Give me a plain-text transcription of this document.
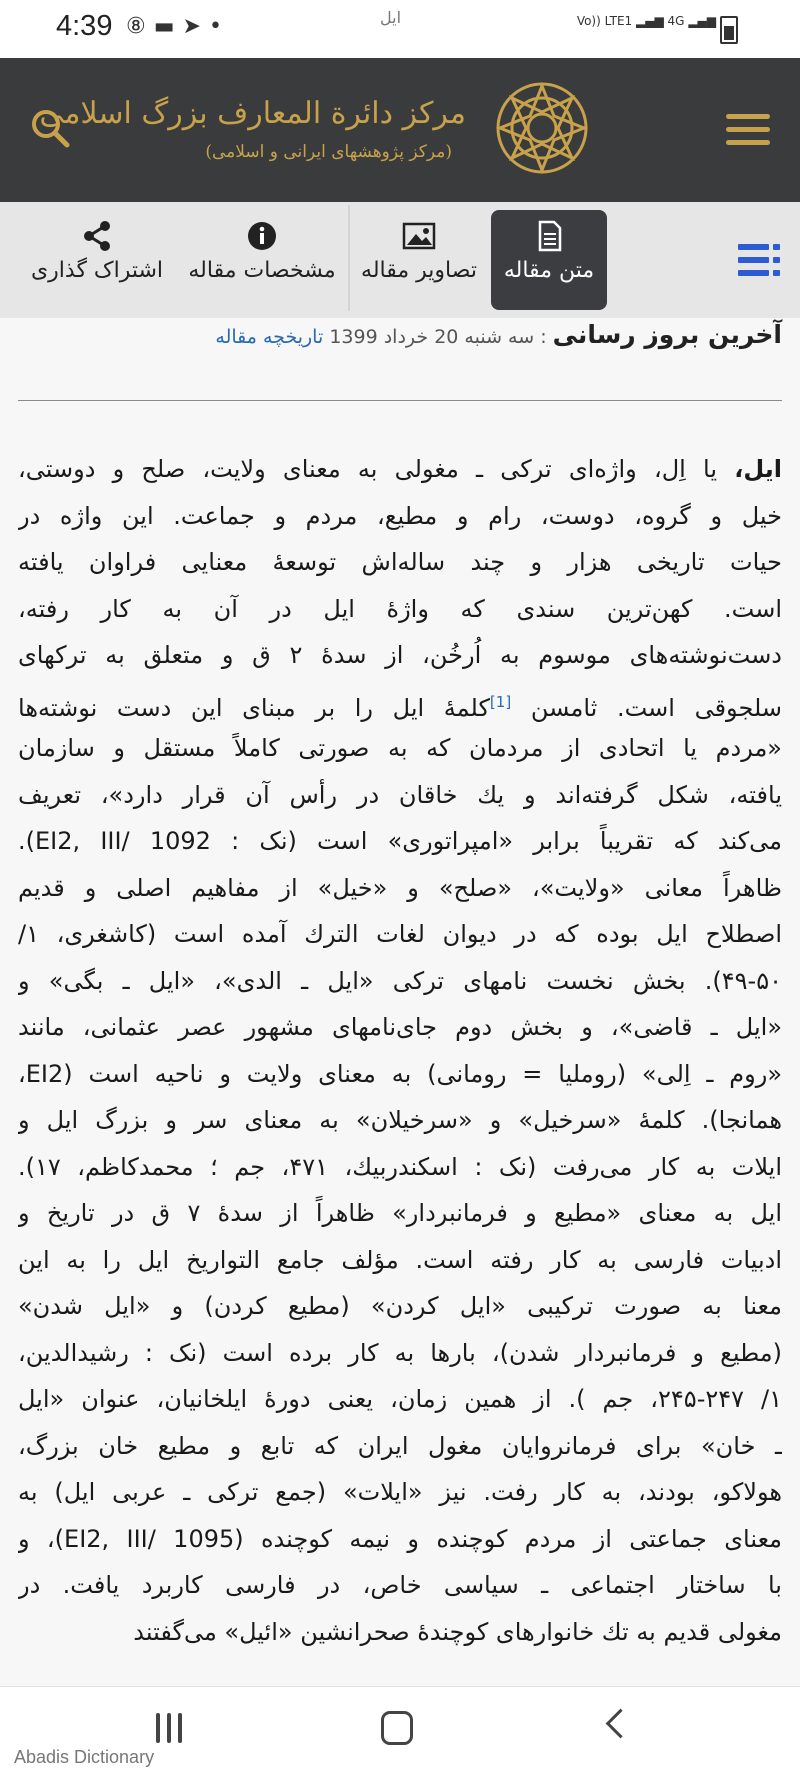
4:39 ⑧▬➤•	ایل	Vo)) LTE1 ▂▄▆ 4G ▂▄▆
مرکز دائرة المعارف بزرگ اسلامی
(مرکز پژوهشهای ایرانی و اسلامی)
متن مقاله
تصاویر مقاله
مشخصات مقاله
اشتراک گذاری
آخرین بروز رسانی : سه شنبه 20 خرداد 1399 تاریخچه مقاله
ایل، یا اِل، واژه‌ای ترکی ـ مغولی به معنای ولایت، صلح و دوستی،
خیل و گروه، دوست، رام و مطیع، مردم و جماعت. این واژه در
حیات تاریخی هزار و چند ساله‌اش توسعهٔ معنایی فراوان یافته
است. کهن‌ترین سندی که واژهٔ ایل در آن به کار رفته،
دست‌نوشته‌های موسوم به اُرخُن، از سدهٔ ۲ ق و متعلق به ترکهای
سلجوقی است. ثامسن [1]کلمهٔ ایل را بر مبنای این دست نوشته‌ها
«مردم یا اتحادی از مردمان که به صورتی کاملاً مستقل و سازمان
یافته، شکل گرفته‌اند و یك خاقان در رأس آن قرار دارد»، تعریف
می‌کند که تقریباً برابر «امپراتوری» است (نک : EI2, III/ 1092).
ظاهراً معانی «ولایت»، «صلح» و «خیل» از مفاهیم اصلی و قدیم
اصطلاح ایل بوده که در دیوان لغات الترك آمده است (کاشغری، ۱/
۴۹-۵۰). بخش نخست نامهای ترکی «ایل ـ الدی»، «ایل ـ بگی» و
«ایل ـ قاضی»، و بخش دوم جای‌نامهای مشهور عصر عثمانی، مانند
«روم ـ اِلی» (روملیا = رومانی) به معنای ولایت و ناحیه است (EI2،
همانجا). کلمهٔ «سرخیل» و «سرخیلان» به معنای سر و بزرگ ایل و
ایلات به کار می‌رفت (نک : اسکندربیك، ۴۷۱، جم ؛ محمدکاظم، ۱۷).
ایل به معنای «مطیع و فرمانبردار» ظاهراً از سدهٔ ۷ ق در تاریخ و
ادبیات فارسی به کار رفته است. مؤلف جامع التواریخ ایل را به این
معنا به صورت ترکیبی «ایل کردن» (مطیع کردن) و «ایل شدن»
(مطیع و فرمانبردار شدن)، بارها به کار برده است (نک : رشیدالدین،
۱/ ۲۴۵-۲۴۷، جم ). از همین زمان، یعنی دورهٔ ایلخانیان، عنوان «ایل
ـ خان» برای فرمانروایان مغول ایران که تابع و مطیع خان بزرگ،
هولاکو، بودند، به کار رفت. نیز «ایلات» (جمع ترکی ـ عربی ایل) به
معنای جماعتی از مردم کوچنده و نیمه کوچنده (EI2, III/ 1095)، و
با ساختار اجتماعی ـ سیاسی خاص، در فارسی کاربرد یافت. در
مغولی قدیم به تك خانوارهای کوچندهٔ صحرانشین «ائیل» می‌گفتند
Abadis Dictionary
